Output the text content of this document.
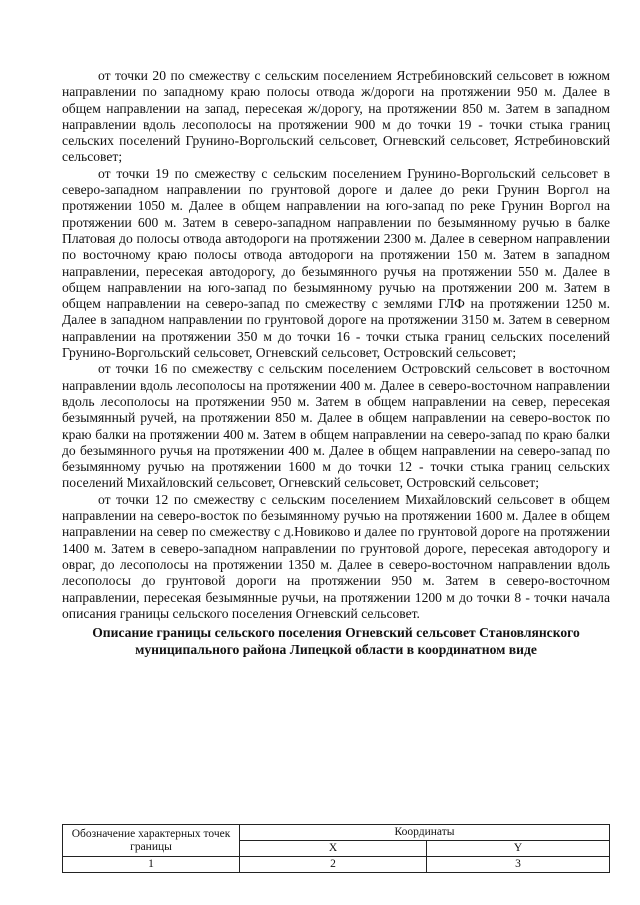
от точки 20 по смежеству с сельским поселением Ястребиновский сельсовет в южном направлении по западному краю полосы отвода ж/дороги на протяжении 950 м. Далее в общем направлении на запад, пересекая ж/дорогу, на протяжении 850 м. Затем в западном направлении вдоль лесополосы на протяжении 900 м до точки 19 - точки стыка границ сельских поселений Грунино-Воргольский сельсовет, Огневский сельсовет, Ястребиновский сельсовет;

от точки 19 по смежеству с сельским поселением Грунино-Воргольский сельсовет в северо-западном направлении по грунтовой дороге и далее до реки Грунин Воргол на протяжении 1050 м. Далее в общем направлении на юго-запад по реке Грунин Воргол на протяжении 600 м. Затем в северо-западном направлении по безымянному ручью в балке Платовая до полосы отвода автодороги на протяжении 2300 м. Далее в северном направлении по восточному краю полосы отвода автодороги на протяжении 150 м. Затем в западном направлении, пересекая автодорогу, до безымянного ручья на протяжении 550 м. Далее в общем направлении на юго-запад по безымянному ручью на протяжении 200 м. Затем в общем направлении на северо-запад по смежеству с землями ГЛФ на протяжении 1250 м. Далее в западном направлении по грунтовой дороге на протяжении 3150 м. Затем в северном направлении на протяжении 350 м до точки 16 - точки стыка границ сельских поселений Грунино-Воргольский сельсовет, Огневский сельсовет, Островский сельсовет;

от точки 16 по смежеству с сельским поселением Островский сельсовет в восточном направлении вдоль лесополосы на протяжении 400 м. Далее в северо-восточном направлении вдоль лесополосы на протяжении 950 м. Затем в общем направлении на север, пересекая безымянный ручей, на протяжении 850 м. Далее в общем направлении на северо-восток по краю балки на протяжении 400 м. Затем в общем направлении на северо-запад по краю балки до безымянного ручья на протяжении 400 м. Далее в общем направлении на северо-запад по безымянному ручью на протяжении 1600 м до точки 12 - точки стыка границ сельских поселений Михайловский сельсовет, Огневский сельсовет, Островский сельсовет;

от точки 12 по смежеству с сельским поселением Михайловский сельсовет в общем направлении на северо-восток по безымянному ручью на протяжении 1600 м. Далее в общем направлении на север по смежеству с д.Новиково и далее по грунтовой дороге на протяжении 1400 м. Затем в северо-западном направлении по грунтовой дороге, пересекая автодорогу и овраг, до лесополосы на протяжении 1350 м. Далее в северо-восточном направлении вдоль лесополосы до грунтовой дороги на протяжении 950 м. Затем в северо-восточном направлении, пересекая безымянные ручьи, на протяжении 1200 м до точки 8 - точки начала описания границы сельского поселения Огневский сельсовет.

Описание границы сельского поселения Огневский сельсовет Становлянского муниципального района Липецкой области в координатном виде
Обозначение характерных точек границы	Координаты	
	X	Y
1	2	3
